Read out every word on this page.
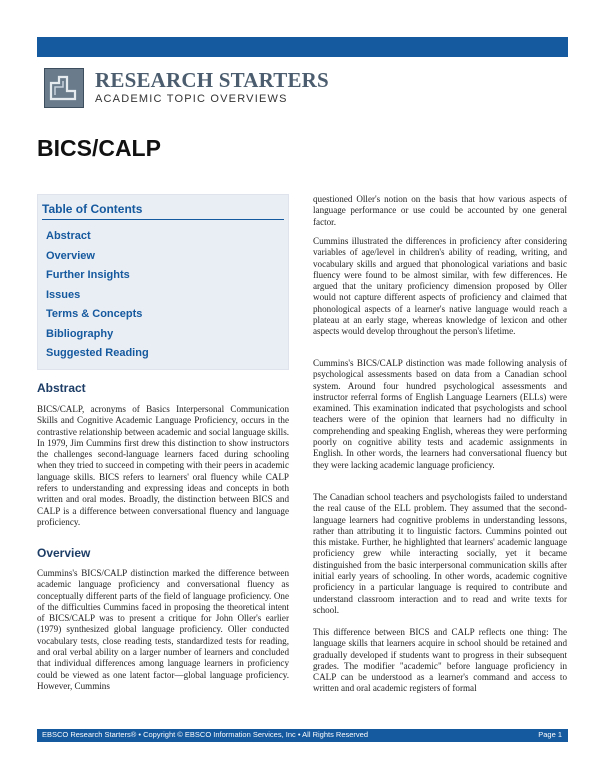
RESEARCH STARTERS
ACADEMIC TOPIC OVERVIEWS
BICS/CALP
Table of Contents
Abstract
Overview
Further Insights
Issues
Terms & Concepts
Bibliography
Suggested Reading
Abstract

BICS/CALP, acronyms of Basics Interpersonal Communication Skills and Cognitive Academic Language Proficiency, occurs in the contrastive relationship between academic and social language skills. In 1979, Jim Cummins first drew this distinction to show instructors the challenges second-language learners faced during schooling when they tried to succeed in competing with their peers in academic language skills. BICS refers to learners' oral fluency while CALP refers to understanding and expressing ideas and concepts in both written and oral modes. Broadly, the distinction between BICS and CALP is a difference between conversational fluency and language proficiency.

Overview

Cummins's BICS/CALP distinction marked the difference between academic language proficiency and conversational fluency as conceptually different parts of the field of language proficiency. One of the difficulties Cummins faced in proposing the theoretical intent of BICS/CALP was to present a critique for John Oller's earlier (1979) synthesized global language proficiency. Oller conducted vocabulary tests, close reading tests, standardized tests for reading, and oral verbal ability on a larger number of learners and concluded that individual differences among language learners in proficiency could be viewed as one latent factor—global language proficiency. However, Cummins

questioned Oller's notion on the basis that how various aspects of language performance or use could be accounted by one general factor.

Cummins illustrated the differences in proficiency after considering variables of age/level in children's ability of reading, writing, and vocabulary skills and argued that phonological variations and basic fluency were found to be almost similar, with few differences. He argued that the unitary proficiency dimension proposed by Oller would not capture different aspects of proficiency and claimed that phonological aspects of a learner's native language would reach a plateau at an early stage, whereas knowledge of lexicon and other aspects would develop throughout the person's lifetime.

Cummins's BICS/CALP distinction was made following analysis of psychological assessments based on data from a Canadian school system. Around four hundred psychological assessments and instructor referral forms of English Language Learners (ELLs) were examined. This examination indicated that psychologists and school teachers were of the opinion that learners had no difficulty in comprehending and speaking English, whereas they were performing poorly on cognitive ability tests and academic assignments in English. In other words, the learners had conversational fluency but they were lacking academic language proficiency.

The Canadian school teachers and psychologists failed to understand the real cause of the ELL problem. They assumed that the second-language learners had cognitive problems in understanding lessons, rather than attributing it to linguistic factors. Cummins pointed out this mistake. Further, he highlighted that learners' academic language proficiency grew while interacting socially, yet it became distinguished from the basic interpersonal communication skills after initial early years of schooling. In other words, academic cognitive proficiency in a particular language is required to contribute and understand classroom interaction and to read and write texts for school.

This difference between BICS and CALP reflects one thing: The language skills that learners acquire in school should be retained and gradually developed if students want to progress in their subsequent grades. The modifier "academic" before language proficiency in CALP can be understood as a learner's command and access to written and oral academic registers of formal

EBSCO Research Starters® • Copyright © EBSCO Information Services, Inc • All Rights Reserved	Page 1
